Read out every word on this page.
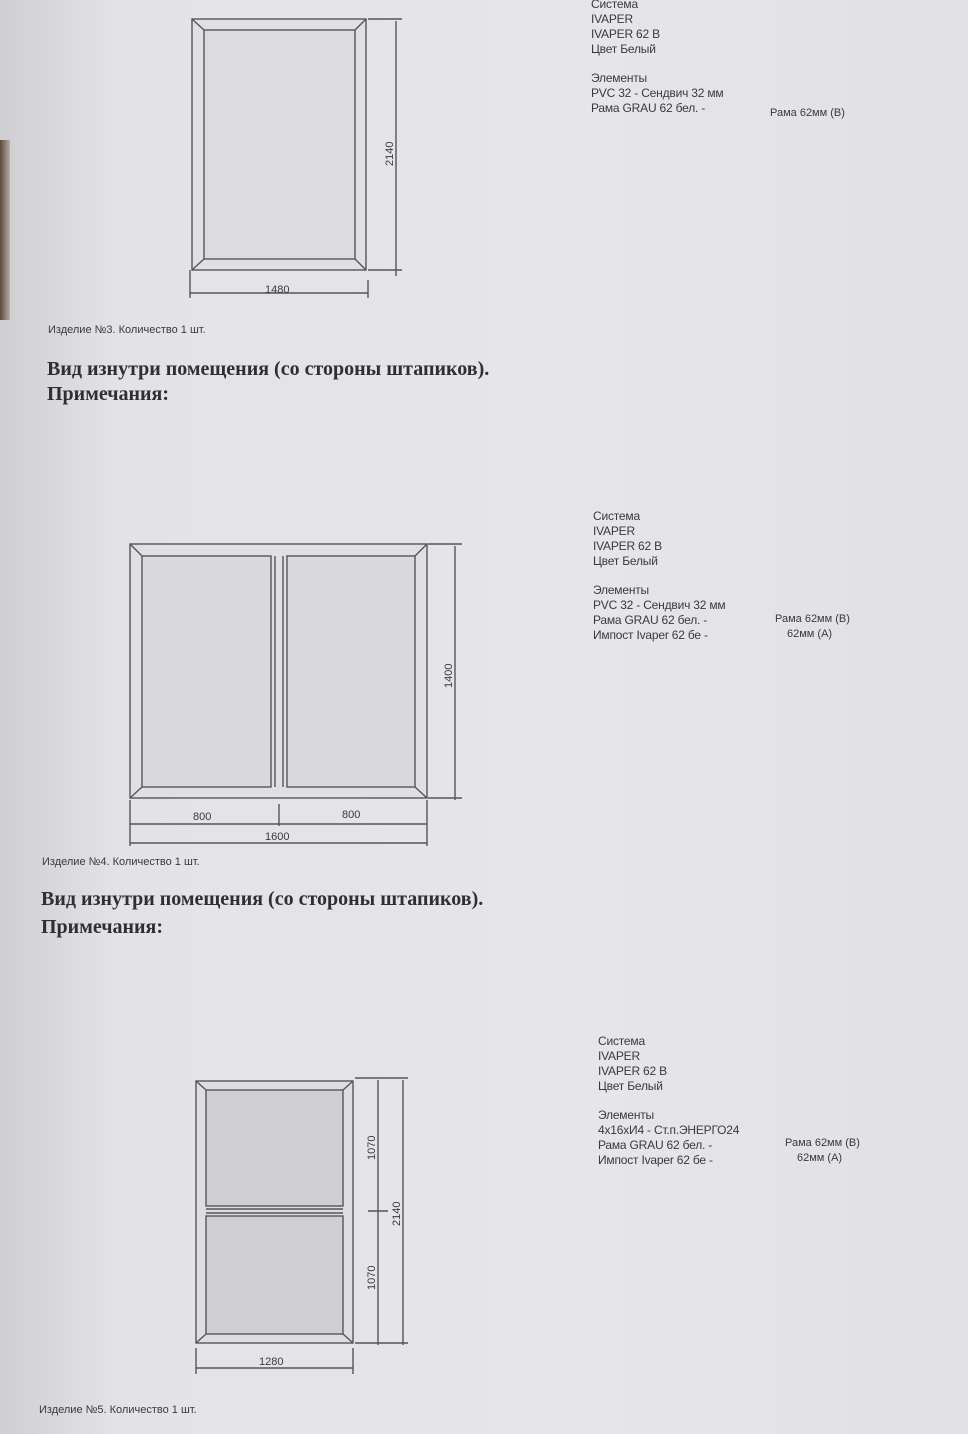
Система
IVAPER
IVAPER 62 B
Цвет Белый
Элементы
PVC 32 - Сендвич 32 мм
Рама GRAU 62 бел. -	Рама 62мм (B)
Система
IVAPER
IVAPER 62 B
Цвет Белый
Элементы
PVC 32 - Сендвич 32 мм
Рама GRAU 62 бел. -
Импост Ivaper 62 бе -
Рама 62мм (B)
62мм (A)
Система
IVAPER
IVAPER 62 B
Цвет Белый
Элементы
4x16xИ4 - Ст.п.ЭНЕРГО24
Рама GRAU 62 бел. -
Импост Ivaper 62 бе -
Рама 62мм (B)
62мм (A)
1480
2140
800	800
1600
1400
1070
1070
2140
1280
Изделие №3. Количество 1 шт.
Вид изнутри помещения (со стороны штапиков).
Примечания:
Изделие №4. Количество 1 шт.
Вид изнутри помещения (со стороны штапиков).
Примечания:
Изделие №5. Количество 1 шт.
